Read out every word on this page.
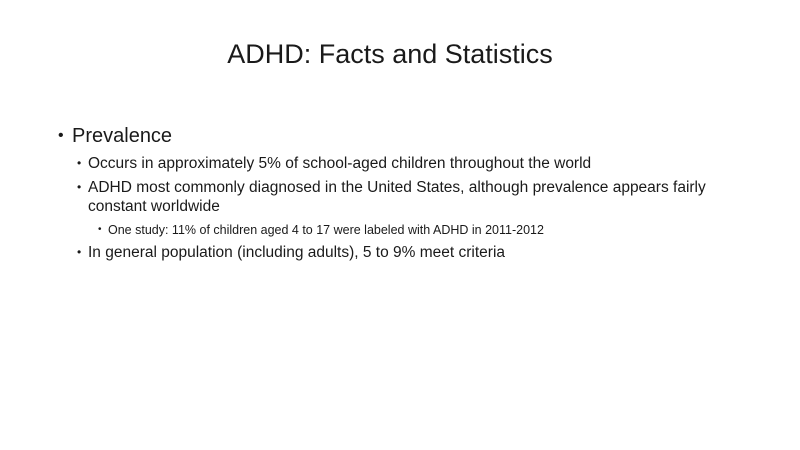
ADHD: Facts and Statistics
• Prevalence
• Occurs in approximately 5% of school-aged children throughout the world
• ADHD most commonly diagnosed in the United States, although prevalence appears fairly constant worldwide
• One study: 11% of children aged 4 to 17 were labeled with ADHD in 2011-2012
• In general population (including adults), 5 to 9% meet criteria
